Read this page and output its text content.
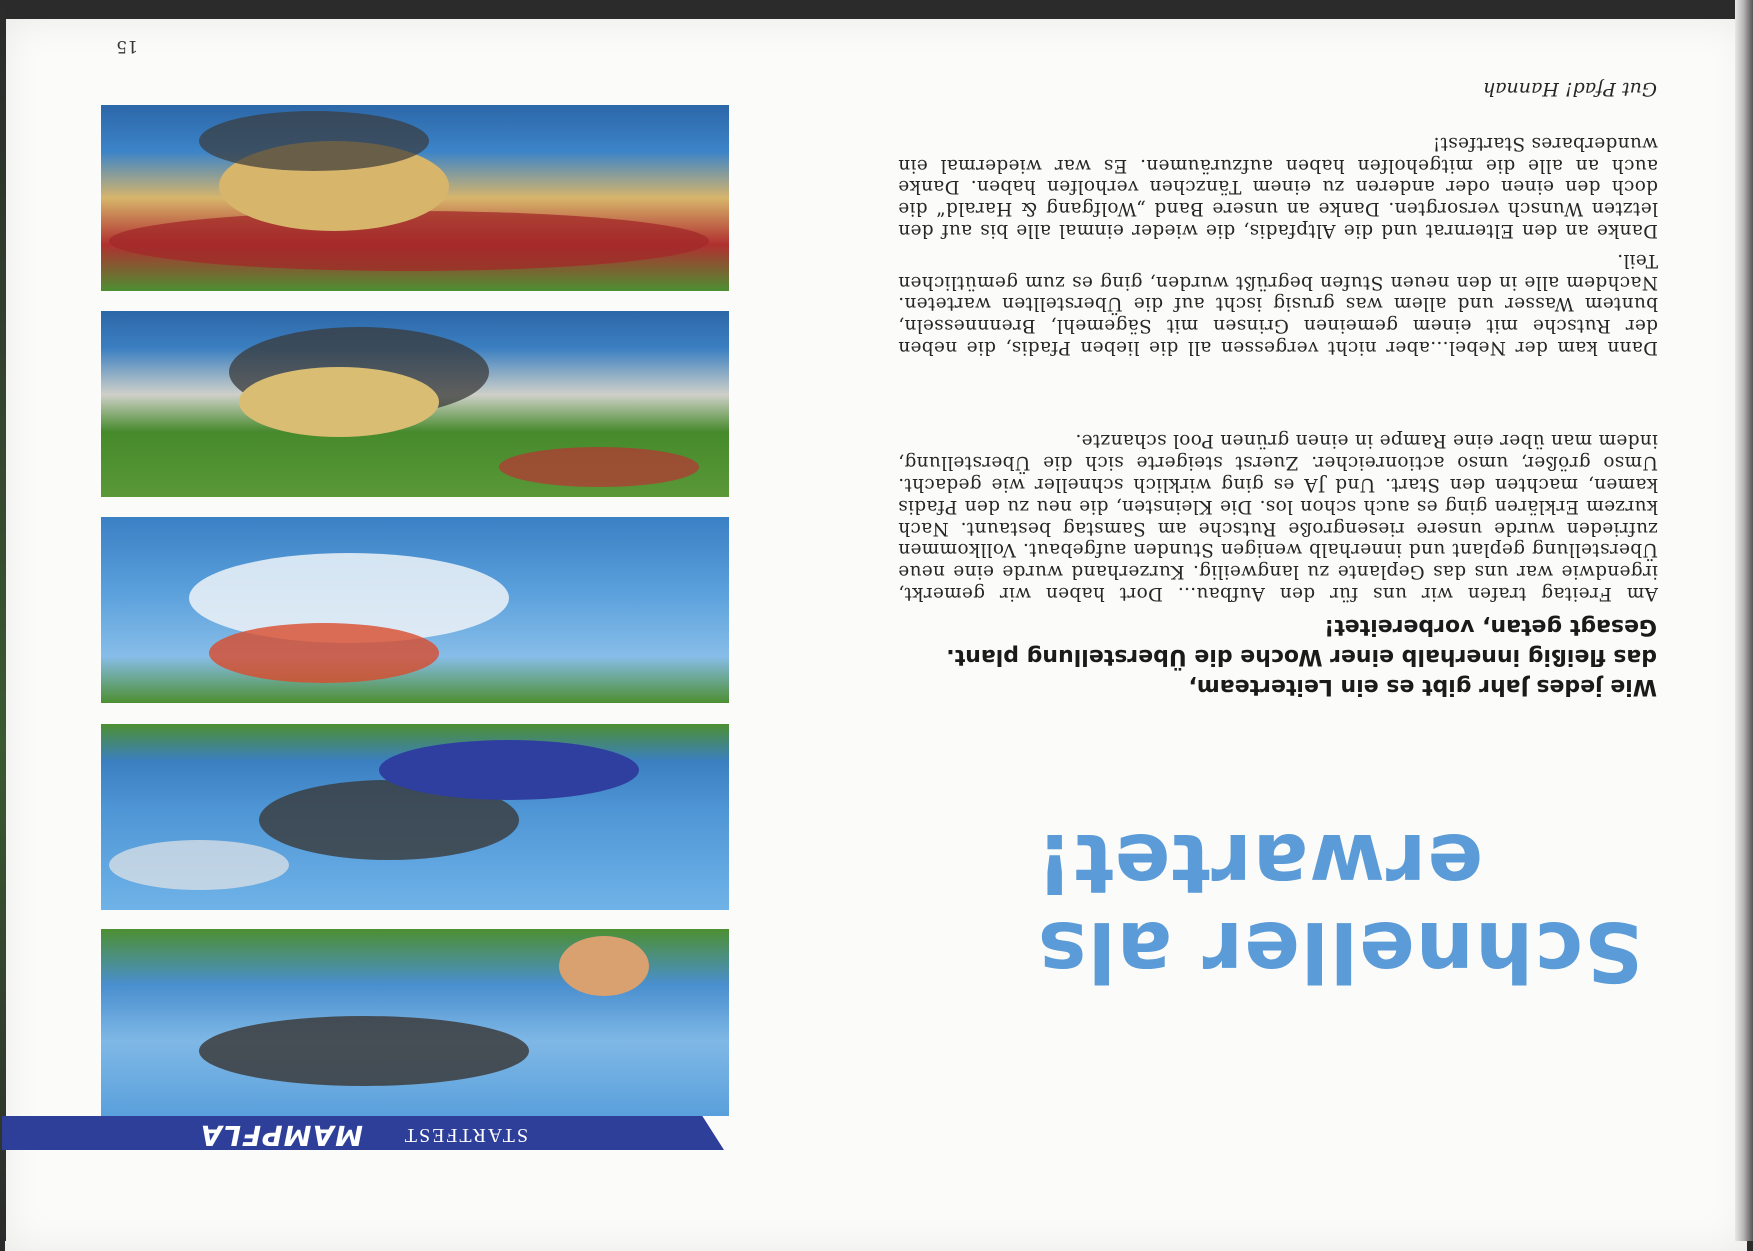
STARTFEST
MAMPFLA
Schneller als
erwartet!

Wie jedes Jahr gibt es ein Leiterteam,

das fleißig innerhalb einer Woche die Überstellung plant.

Gesagt getan, vorbereitet!

Am Freitag trafen wir uns für den Aufbau… Dort haben wir gemerkt, irgendwie war uns das Geplante zu langweilig. Kurzerhand wurde eine neue Überstellung geplant und innerhalb wenigen Stunden aufgebaut. Vollkommen zufrieden wurde unsere riesengroße Rutsche am Samstag bestaunt. Nach kurzem Erklären ging es auch schon los. Die Kleinsten, die neu zu den Pfadis kamen, machten den Start. Und JA es ging wirklich schneller wie gedacht. Umso größer, umso actionreicher. Zuerst steigerte sich die Überstellung, indem man über eine Rampe in einen grünen Pool schanzte.

Dann kam der Nebel…aber nicht vergessen all die lieben Pfadis, die neben der Rutsche mit einem gemeinen Grinsen mit Sägemehl, Brennnesseln, buntem Wasser und allem was grusig ischt auf die Überstellten warteten. Nachdem alle in den neuen Stufen begrüßt wurden, ging es zum gemütlichen Teil.

Danke an den Elternrat und die Altpfadis, die wieder einmal alle bis auf den letzten Wunsch versorgten. Danke an unsere Band „Wolfgang & Harald“ die doch den einen oder anderen zu einem Tänzchen verholfen haben. Danke auch an alle die mitgeholfen haben aufzuräumen. Es war wiedermal ein wunderbares Startfest!

Gut Pfad! Hannah

15
